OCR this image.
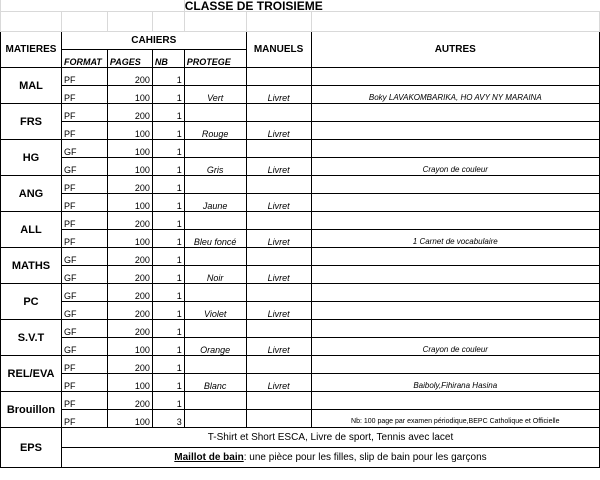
				CLASSE DE TROISIEME		

MATIERES	CAHIERS				MANUELS	AUTRES
	FORMAT	PAGES	NB	PROTEGE		
MAL	PF	200	1			
	PF	100	1	Vert	Livret	Boky LAVAKOMBARIKA, HO AVY NY MARAINA
FRS	PF	200	1			
	PF	100	1	Rouge	Livret	
HG	GF	100	1			
	GF	100	1	Gris	Livret	Crayon de couleur
ANG	PF	200	1			
	PF	100	1	Jaune	Livret	
ALL	PF	200	1			
	PF	100	1	Bleu foncé	Livret	1 Carnet de vocabulaire
MATHS	GF	200	1			
	GF	200	1	Noir	Livret	
PC	GF	200	1			
	GF	200	1	Violet	Livret	
S.V.T	GF	200	1			
	GF	100	1	Orange	Livret	Crayon de couleur
REL/EVA	PF	200	1			
	PF	100	1	Blanc	Livret	Baiboly,Fihirana Hasina
Brouillon	PF	200	1			
	PF	100	3			Nb: 100 page par examen périodique,BEPC Catholique et Officielle
EPS	T-Shirt et Short ESCA, Livre de sport, Tennis avec lacet					
	Maillot de bain: une pièce pour les filles, slip de bain pour les garçons					
